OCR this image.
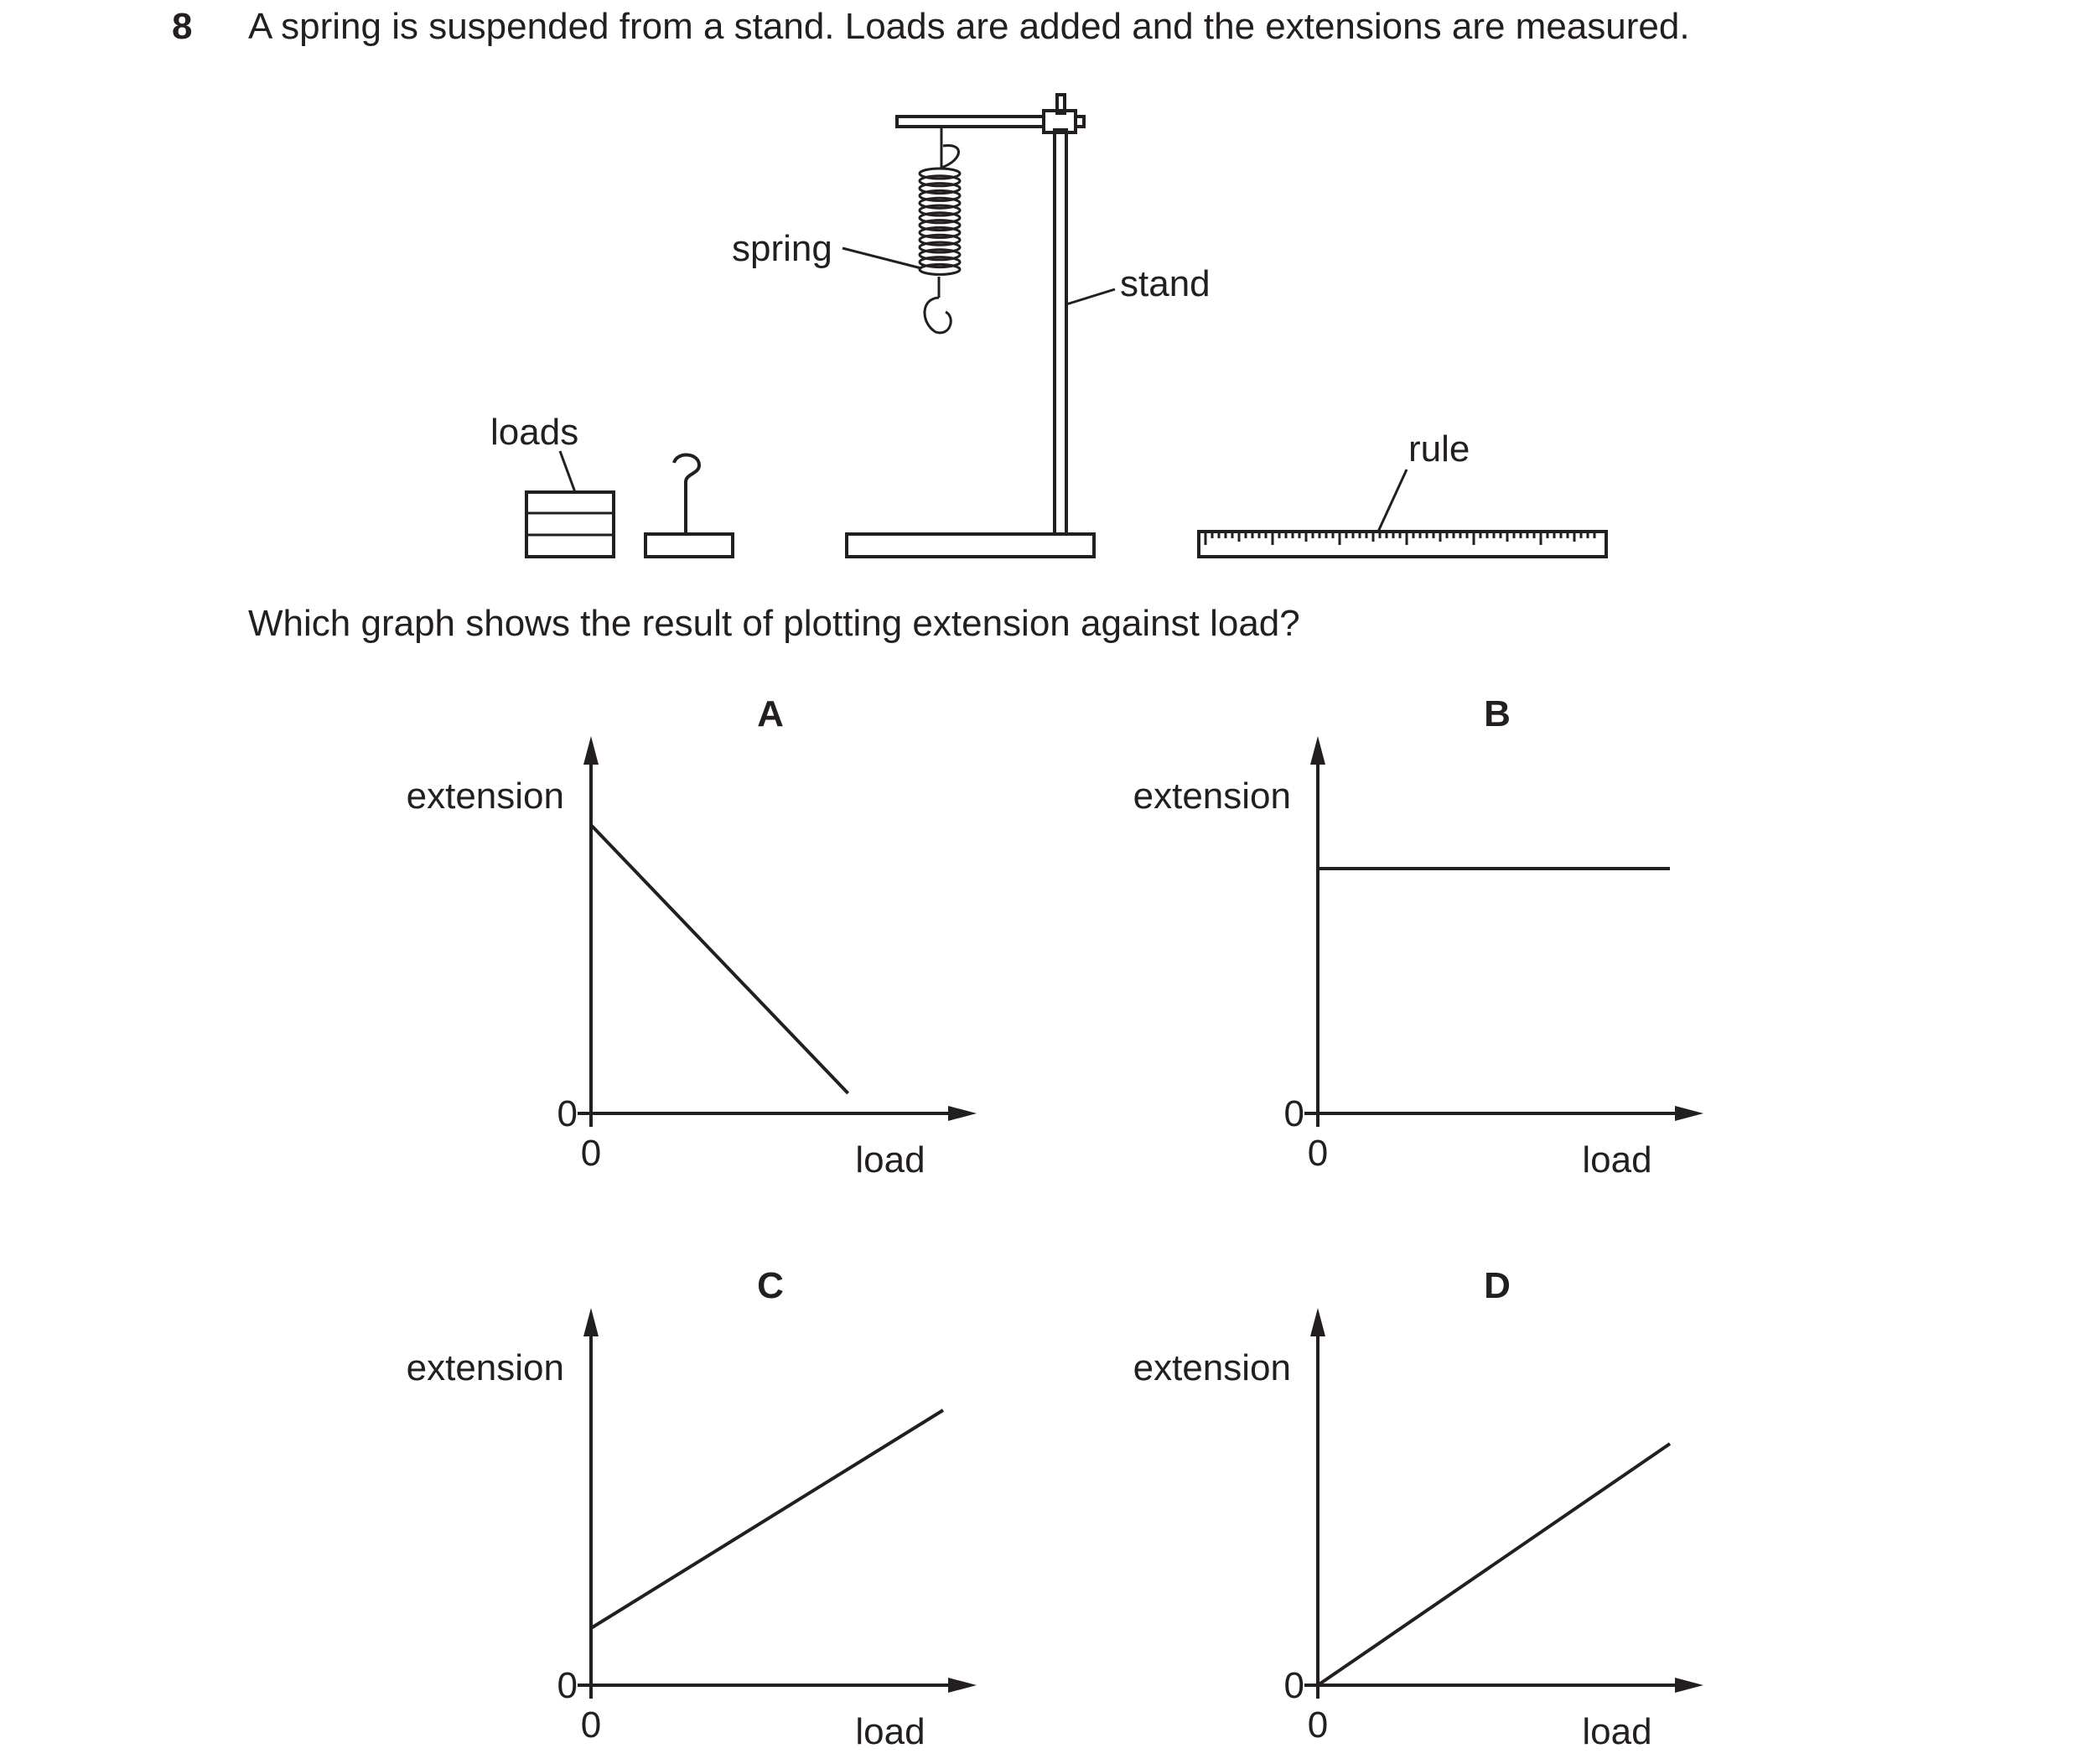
8 A spring is suspended from a stand. Loads are added and the extensions are measured.
spring
stand
loads	rule
Which graph shows the result of plotting extension against load?
A
extension
load
0
0
B
extension
load
0
0
C
extension
load
0
0
D
extension
load
0
0
